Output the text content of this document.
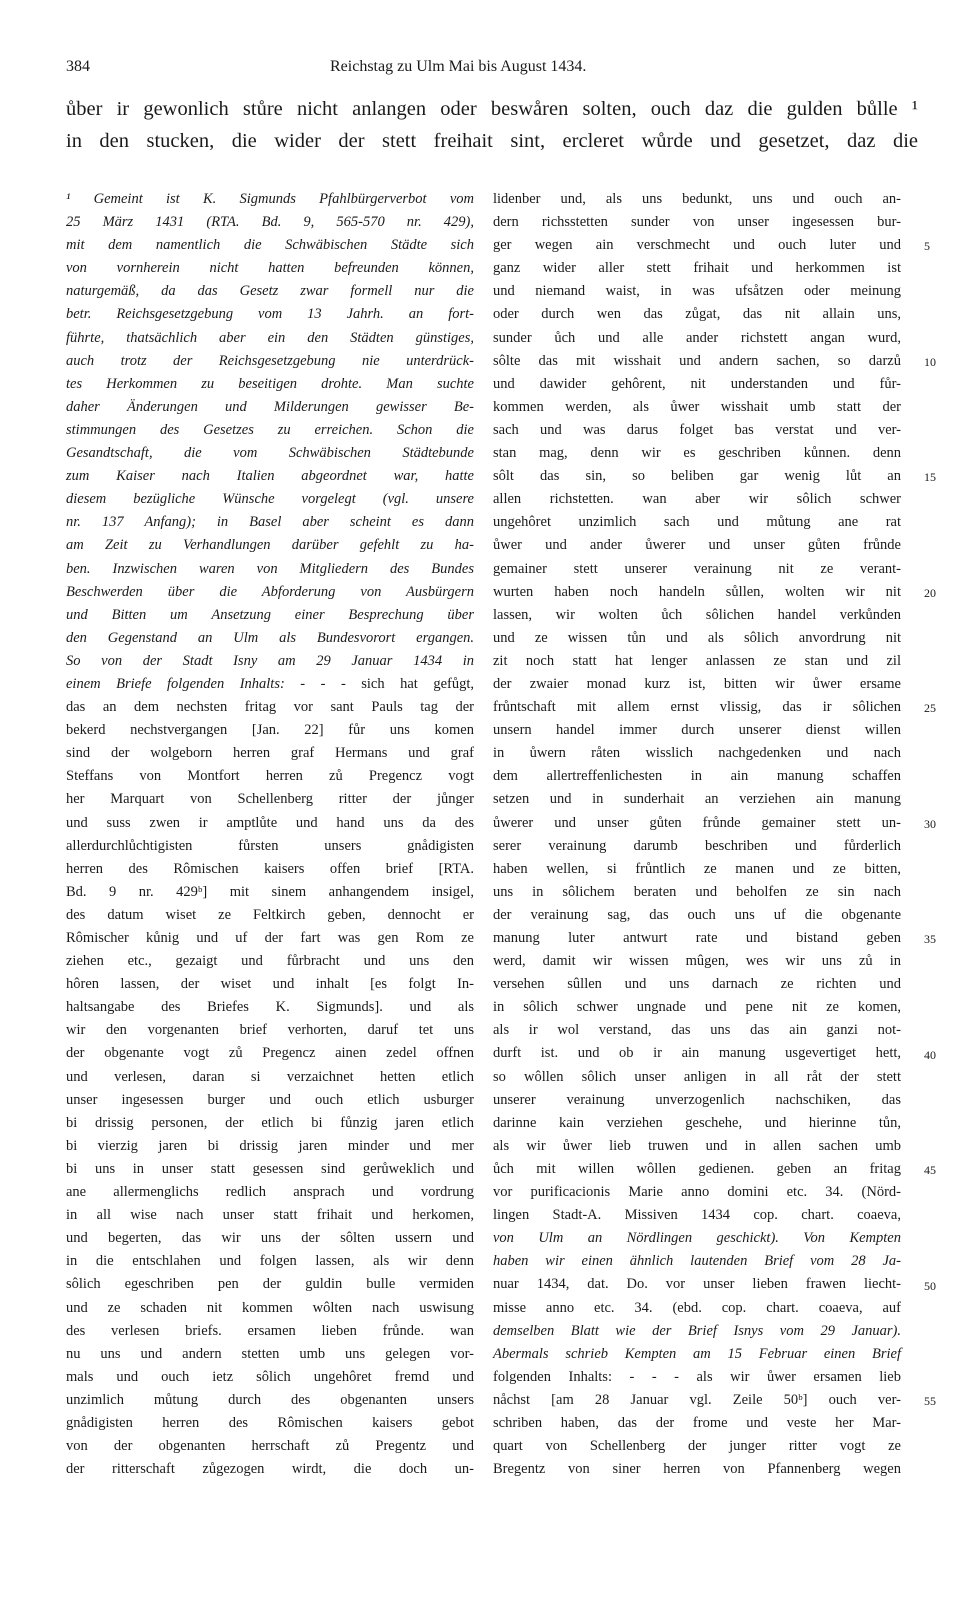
384	Reichstag zu Ulm Mai bis August 1434.
ůber ir gewonlich stůre nicht anlangen oder beswåren solten, ouch daz die gulden bůlle ¹
in den stucken, die wider der stett freihait sint, ercleret wůrde und gesetzet, daz die
¹ Gemeint ist K. Sigmunds Pfahlbürgerverbot vom
25 März 1431 (RTA. Bd. 9, 565-570 nr. 429),
mit dem namentlich die Schwäbischen Städte sich
von vornherein nicht hatten befreunden können,
naturgemäß, da das Gesetz zwar formell nur die
betr. Reichsgesetzgebung vom 13 Jahrh. an fort-
führte, thatsächlich aber ein den Städten günstiges,
auch trotz der Reichsgesetzgebung nie unterdrück-
tes Herkommen zu beseitigen drohte. Man suchte
daher Änderungen und Milderungen gewisser Be-
stimmungen des Gesetzes zu erreichen. Schon die
Gesandtschaft, die vom Schwäbischen Städtebunde
zum Kaiser nach Italien abgeordnet war, hatte
diesem bezügliche Wünsche vorgelegt (vgl. unsere
nr. 137 Anfang); in Basel aber scheint es dann
am Zeit zu Verhandlungen darüber gefehlt zu ha-
ben. Inzwischen waren von Mitgliedern des Bundes
Beschwerden über die Abforderung von Ausbürgern
und Bitten um Ansetzung einer Besprechung über
den Gegenstand an Ulm als Bundesvorort ergangen.
So von der Stadt Isny am 29 Januar 1434 in
einem Briefe folgenden Inhalts: - - - sich hat gefůgt,
das an dem nechsten fritag vor sant Pauls tag der
bekerd nechstvergangen [Jan. 22] fůr uns komen
sind der wolgeborn herren graf Hermans und graf
Steffans von Montfort herren zů Pregencz vogt
her Marquart von Schellenberg ritter der jůnger
und suss zwen ir amptlůte und hand uns da des
allerdurchlůchtigisten fůrsten unsers gnådigisten
herren des Rômischen kaisers offen brief [RTA.
Bd. 9 nr. 429ᵇ] mit sinem anhangendem insigel,
des datum wiset ze Feltkirch geben, dennocht er
Rômischer kůnig und uf der fart was gen Rom ze
ziehen etc., gezaigt und fůrbracht und uns den
hôren lassen, der wiset und inhalt [es folgt In-
haltsangabe des Briefes K. Sigmunds]. und als
wir den vorgenanten brief verhorten, daruf tet uns
der obgenante vogt zů Pregencz ainen zedel offnen
und verlesen, daran si verzaichnet hetten etlich
unser ingesessen burger und ouch etlich usburger
bi drissig personen, der etlich bi fůnzig jaren etlich
bi vierzig jaren bi drissig jaren minder und mer
bi uns in unser statt gesessen sind gerůweklich und
ane allermenglichs redlich ansprach und vordrung
in all wise nach unser statt frihait und herkomen,
und begerten, das wir uns der sôlten ussern und
in die entschlahen und folgen lassen, als wir denn
sôlich egeschriben pen der guldin bulle vermiden
und ze schaden nit kommen wôlten nach uswisung
des verlesen briefs. ersamen lieben frůnde. wan
nu uns und andern stetten umb uns gelegen vor-
mals und ouch ietz sôlich ungehôret fremd und
unzimlich můtung durch des obgenanten unsers
gnådigisten herren des Rômischen kaisers gebot
von der obgenanten herrschaft zů Pregentz und
der ritterschaft zůgezogen wirdt, die doch un-
lidenber und, als uns bedunkt, uns und ouch an-
dern richsstetten sunder von unser ingesessen bur-
ger wegen ain verschmecht und ouch luter und
ganz wider aller stett frihait und herkommen ist
und niemand waist, in was ufsåtzen oder meinung
oder durch wen das zůgat, das nit allain uns,
sunder ůch und alle ander richstett angan wurd,
sôlte das mit wisshait und andern sachen, so darzů
und dawider gehôrent, nit understanden und fůr-
kommen werden, als ůwer wisshait umb statt der
sach und was darus folget bas verstat und ver-
stan mag, denn wir es geschriben kůnnen. denn
sôlt das sin, so beliben gar wenig lůt an
allen richstetten. wan aber wir sôlich schwer
ungehôret unzimlich sach und můtung ane rat
ůwer und ander ůwerer und unser gůten frůnde
gemainer stett unserer verainung nit ze verant-
wurten haben noch handeln sůllen, wolten wir nit
lassen, wir wolten ůch sôlichen handel verkůnden
und ze wissen tůn und als sôlich anvordrung nit
zit noch statt hat lenger anlassen ze stan und zil
der zwaier monad kurz ist, bitten wir ůwer ersame
frůntschaft mit allem ernst vlissig, das ir sôlichen
unsern handel immer durch unserer dienst willen
in ůwern råten wisslich nachgedenken und nach
dem allertreffenlichesten in ain manung schaffen
setzen und in sunderhait an verziehen ain manung
ůwerer und unser gůten frůnde gemainer stett un-
serer verainung darumb beschriben und fůrderlich
haben wellen, si frůntlich ze manen und ze bitten,
uns in sôlichem beraten und beholfen ze sin nach
der verainung sag, das ouch uns uf die obgenante
manung luter antwurt rate und bistand geben
werd, damit wir wissen mûgen, wes wir uns zů in
versehen sûllen und uns darnach ze richten und
in sôlich schwer ungnade und pene nit ze komen,
als ir wol verstand, das uns das ain ganzi not-
durft ist. und ob ir ain manung usgevertiget hett,
so wôllen sôlich unser anligen in all råt der stett
unserer verainung unverzogenlich nachschiken, das
darinne kain verziehen geschehe, und hierinne tůn,
als wir ůwer lieb truwen und in allen sachen umb
ůch mit willen wôllen gedienen. geben an fritag
vor purificacionis Marie anno domini etc. 34. (Nörd-
lingen Stadt-A. Missiven 1434 cop. chart. coaeva,
von Ulm an Nördlingen geschickt). Von Kempten
haben wir einen ähnlich lautenden Brief vom 28 Ja-
nuar 1434, dat. Do. vor unser lieben frawen liecht-
misse anno etc. 34. (ebd. cop. chart. coaeva, auf
demselben Blatt wie der Brief Isnys vom 29 Januar).
Abermals schrieb Kempten am 15 Februar einen Brief
folgenden Inhalts: - - - als wir ůwer ersamen lieb
nåchst [am 28 Januar vgl. Zeile 50ᵇ] ouch ver-
schriben haben, das der frome und veste her Mar-
quart von Schellenberg der junger ritter vogt ze
Bregentz von siner herren von Pfannenberg wegen
5
10
15
20
25
30
35
40
45
50
55
